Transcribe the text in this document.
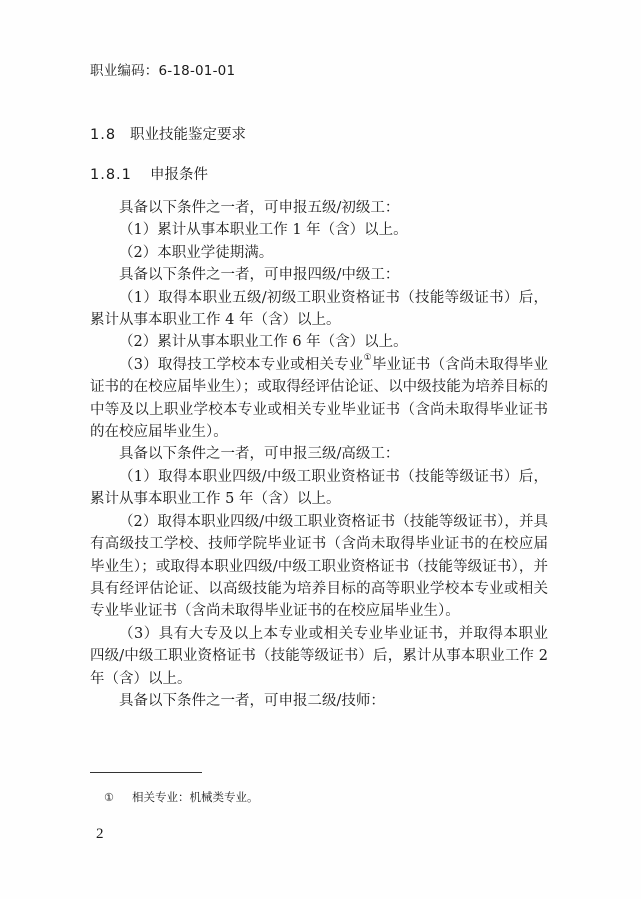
职业编码：6-18-01-01
1.8 职业技能鉴定要求
1.8.1 申报条件

具备以下条件之一者，可申报五级/初级工：

（1）累计从事本职业工作 1 年（含）以上。

（2）本职业学徒期满。

具备以下条件之一者，可申报四级/中级工：

（1）取得本职业五级/初级工职业资格证书（技能等级证书）后，累计从事本职业工作 4 年（含）以上。

（2）累计从事本职业工作 6 年（含）以上。

（3）取得技工学校本专业或相关专业①毕业证书（含尚未取得毕业证书的在校应届毕业生）；或取得经评估论证、以中级技能为培养目标的中等及以上职业学校本专业或相关专业毕业证书（含尚未取得毕业证书的在校应届毕业生）。

具备以下条件之一者，可申报三级/高级工：

（1）取得本职业四级/中级工职业资格证书（技能等级证书）后，累计从事本职业工作 5 年（含）以上。

（2）取得本职业四级/中级工职业资格证书（技能等级证书），并具有高级技工学校、技师学院毕业证书（含尚未取得毕业证书的在校应届毕业生）；或取得本职业四级/中级工职业资格证书（技能等级证书），并具有经评估论证、以高级技能为培养目标的高等职业学校本专业或相关专业毕业证书（含尚未取得毕业证书的在校应届毕业生）。

（3）具有大专及以上本专业或相关专业毕业证书，并取得本职业四级/中级工职业资格证书（技能等级证书）后，累计从事本职业工作 2 年（含）以上。

具备以下条件之一者，可申报二级/技师：

① 相关专业：机械类专业。
2
